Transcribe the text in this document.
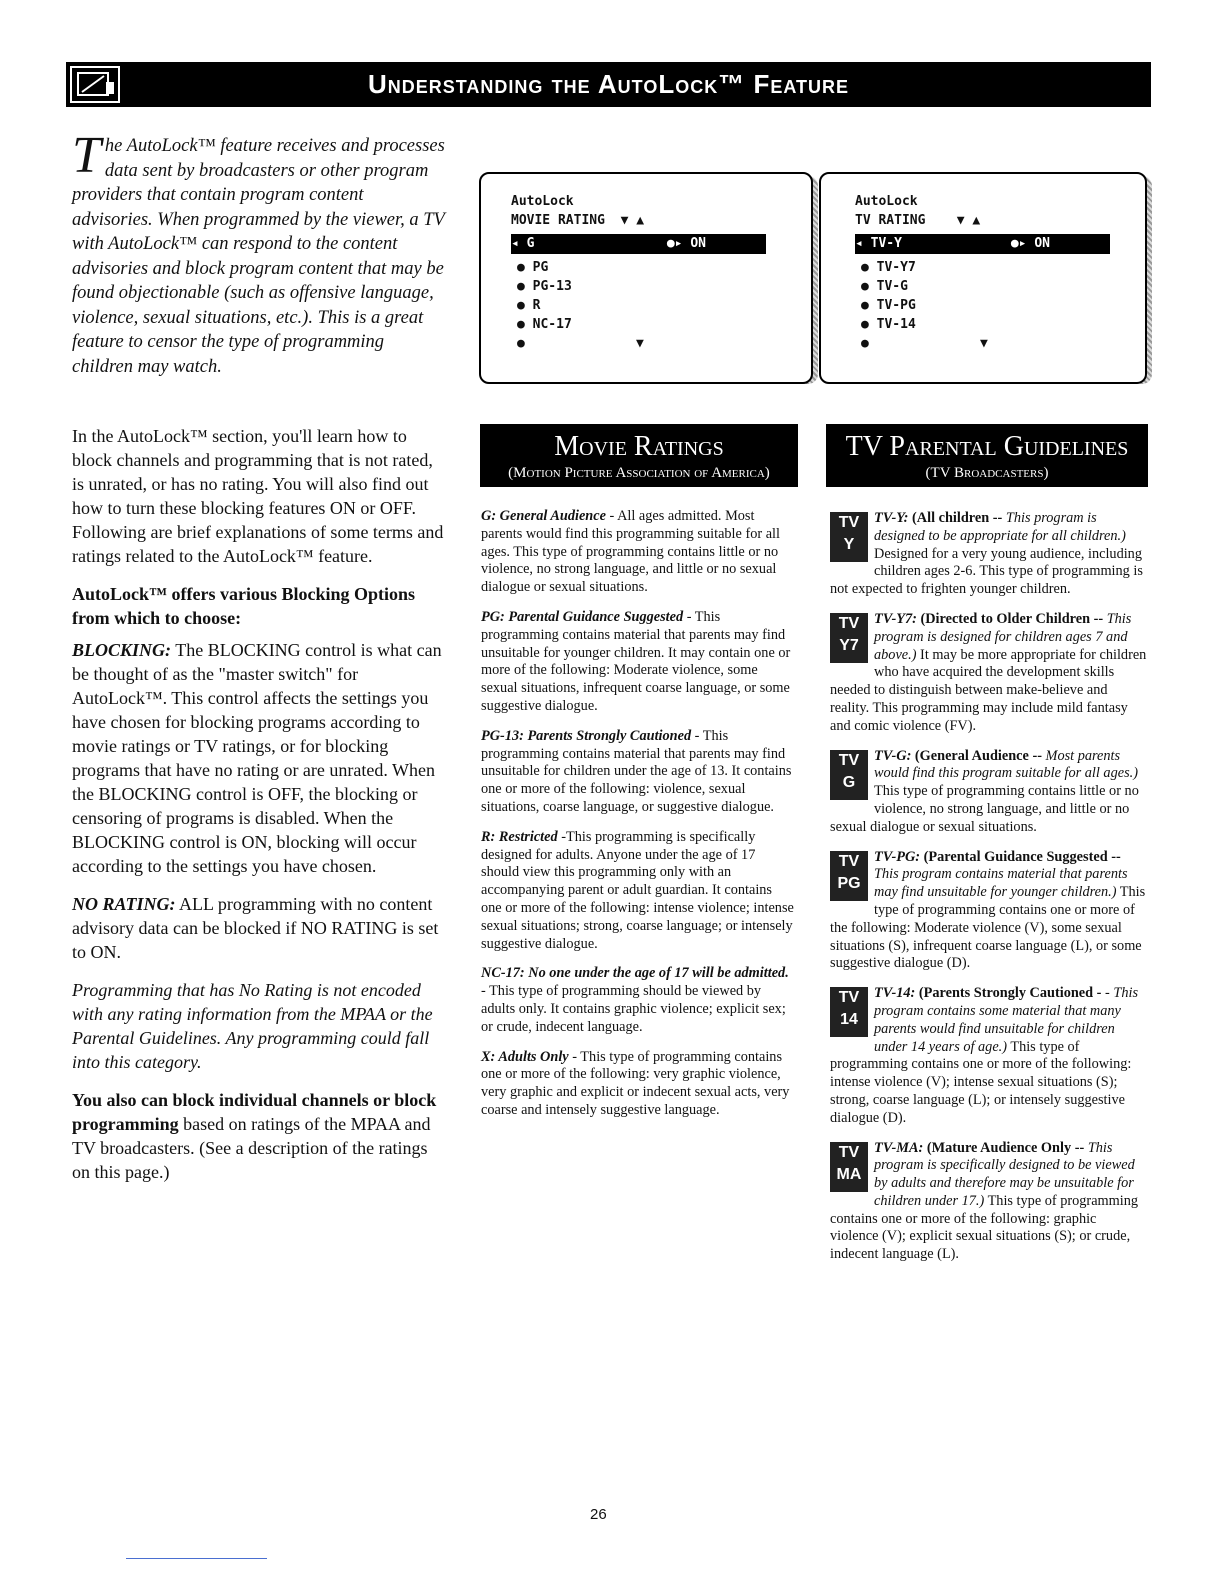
Understanding the AutoLock™ Feature
The AutoLock™ feature receives and processes data sent by broadcasters or other program providers that contain program content advisories. When programmed by the viewer, a TV with AutoLock™ can respond to the content advisories and block program content that may be found objectionable (such as offensive language, violence, sexual situations, etc.). This is a great feature to censor the type of programming children may watch.

In the AutoLock™ section, you'll learn how to block channels and programming that is not rated, is unrated, or has no rating. You will also find out how to turn these blocking features ON or OFF. Following are brief explanations of some terms and ratings related to the AutoLock™ feature.

AutoLock™ offers various Blocking Options from which to choose:

BLOCKING: The BLOCKING control is what can be thought of as the "master switch" for AutoLock™. This control affects the settings you have chosen for blocking programs according to movie ratings or TV ratings, or for blocking programs that have no rating or are unrated. When the BLOCKING control is OFF, the blocking or censoring of programs is disabled. When the BLOCKING control is ON, blocking will occur according to the settings you have chosen.

NO RATING: ALL programming with no content advisory data can be blocked if NO RATING is set to ON.

Programming that has No Rating is not encoded with any rating information from the MPAA or the Parental Guidelines. Any programming could fall into this category.

You also can block individual channels or block programming based on ratings of the MPAA and TV broadcasters. (See a description of the ratings on this page.)

AutoLock
MOVIE RATING ▼ ▲
◂ G	●▸ ON
● PG
● PG-13
● R
● NC-17
●	▼
AutoLock
TV RATING ▼ ▲
◂ TV-Y	●▸ ON
● TV-Y7
● TV-G
● TV-PG
● TV-14
●	▼
Movie Ratings
(Motion Picture Association of America)
TV Parental Guidelines
(TV Broadcasters)

G: General Audience - All ages admitted. Most parents would find this programming suitable for all ages. This type of programming contains little or no violence, no strong language, and little or no sexual dialogue or sexual situations.

PG: Parental Guidance Suggested - This programming contains material that parents may find unsuitable for younger children. It may contain one or more of the following: Moderate violence, some sexual situations, infrequent coarse language, or some suggestive dialogue.

PG-13: Parents Strongly Cautioned - This programming contains material that parents may find unsuitable for children under the age of 13. It contains one or more of the following: violence, sexual situations, coarse language, or suggestive dialogue.

R: Restricted -This programming is specifically designed for adults. Anyone under the age of 17 should view this programming only with an accompanying parent or adult guardian. It contains one or more of the following: intense violence; intense sexual situations; strong, coarse language; or intensely suggestive dialogue.

NC-17: No one under the age of 17 will be admitted. - This type of programming should be viewed by adults only. It contains graphic violence; explicit sex; or crude, indecent language.

X: Adults Only - This type of programming contains one or more of the following: very graphic violence, very graphic and explicit or indecent sexual acts, very coarse and intensely suggestive language.

TV
Y
TV-Y: (All children -- This program is designed to be appropriate for all children.) Designed for a very young audience, including children ages 2-6. This type of programming is not expected to frighten younger children.
TV
Y7
TV-Y7: (Directed to Older Children -- This program is designed for children ages 7 and above.) It may be more appropriate for children who have acquired the development skills needed to distinguish between make-believe and reality. This programming may include mild fantasy and comic violence (FV).
TV
G
TV-G: (General Audience -- Most parents would find this program suitable for all ages.) This type of programming contains little or no violence, no strong language, and little or no sexual dialogue or sexual situations.
TV
PG
TV-PG: (Parental Guidance Suggested -- This program contains material that parents may find unsuitable for younger children.) This type of programming contains one or more of the following: Moderate violence (V), some sexual situations (S), infrequent coarse language (L), or some suggestive dialogue (D).
TV
14
TV-14: (Parents Strongly Cautioned - - This program contains some material that many parents would find unsuitable for children under 14 years of age.) This type of programming contains one or more of the following: intense violence (V); intense sexual situations (S); strong, coarse language (L); or intensely suggestive dialogue (D).
TV
MA
TV-MA: (Mature Audience Only -- This program is specifically designed to be viewed by adults and therefore may be unsuitable for children under 17.) This type of programming contains one or more of the following: graphic violence (V); explicit sexual situations (S); or crude, indecent language (L).
26
